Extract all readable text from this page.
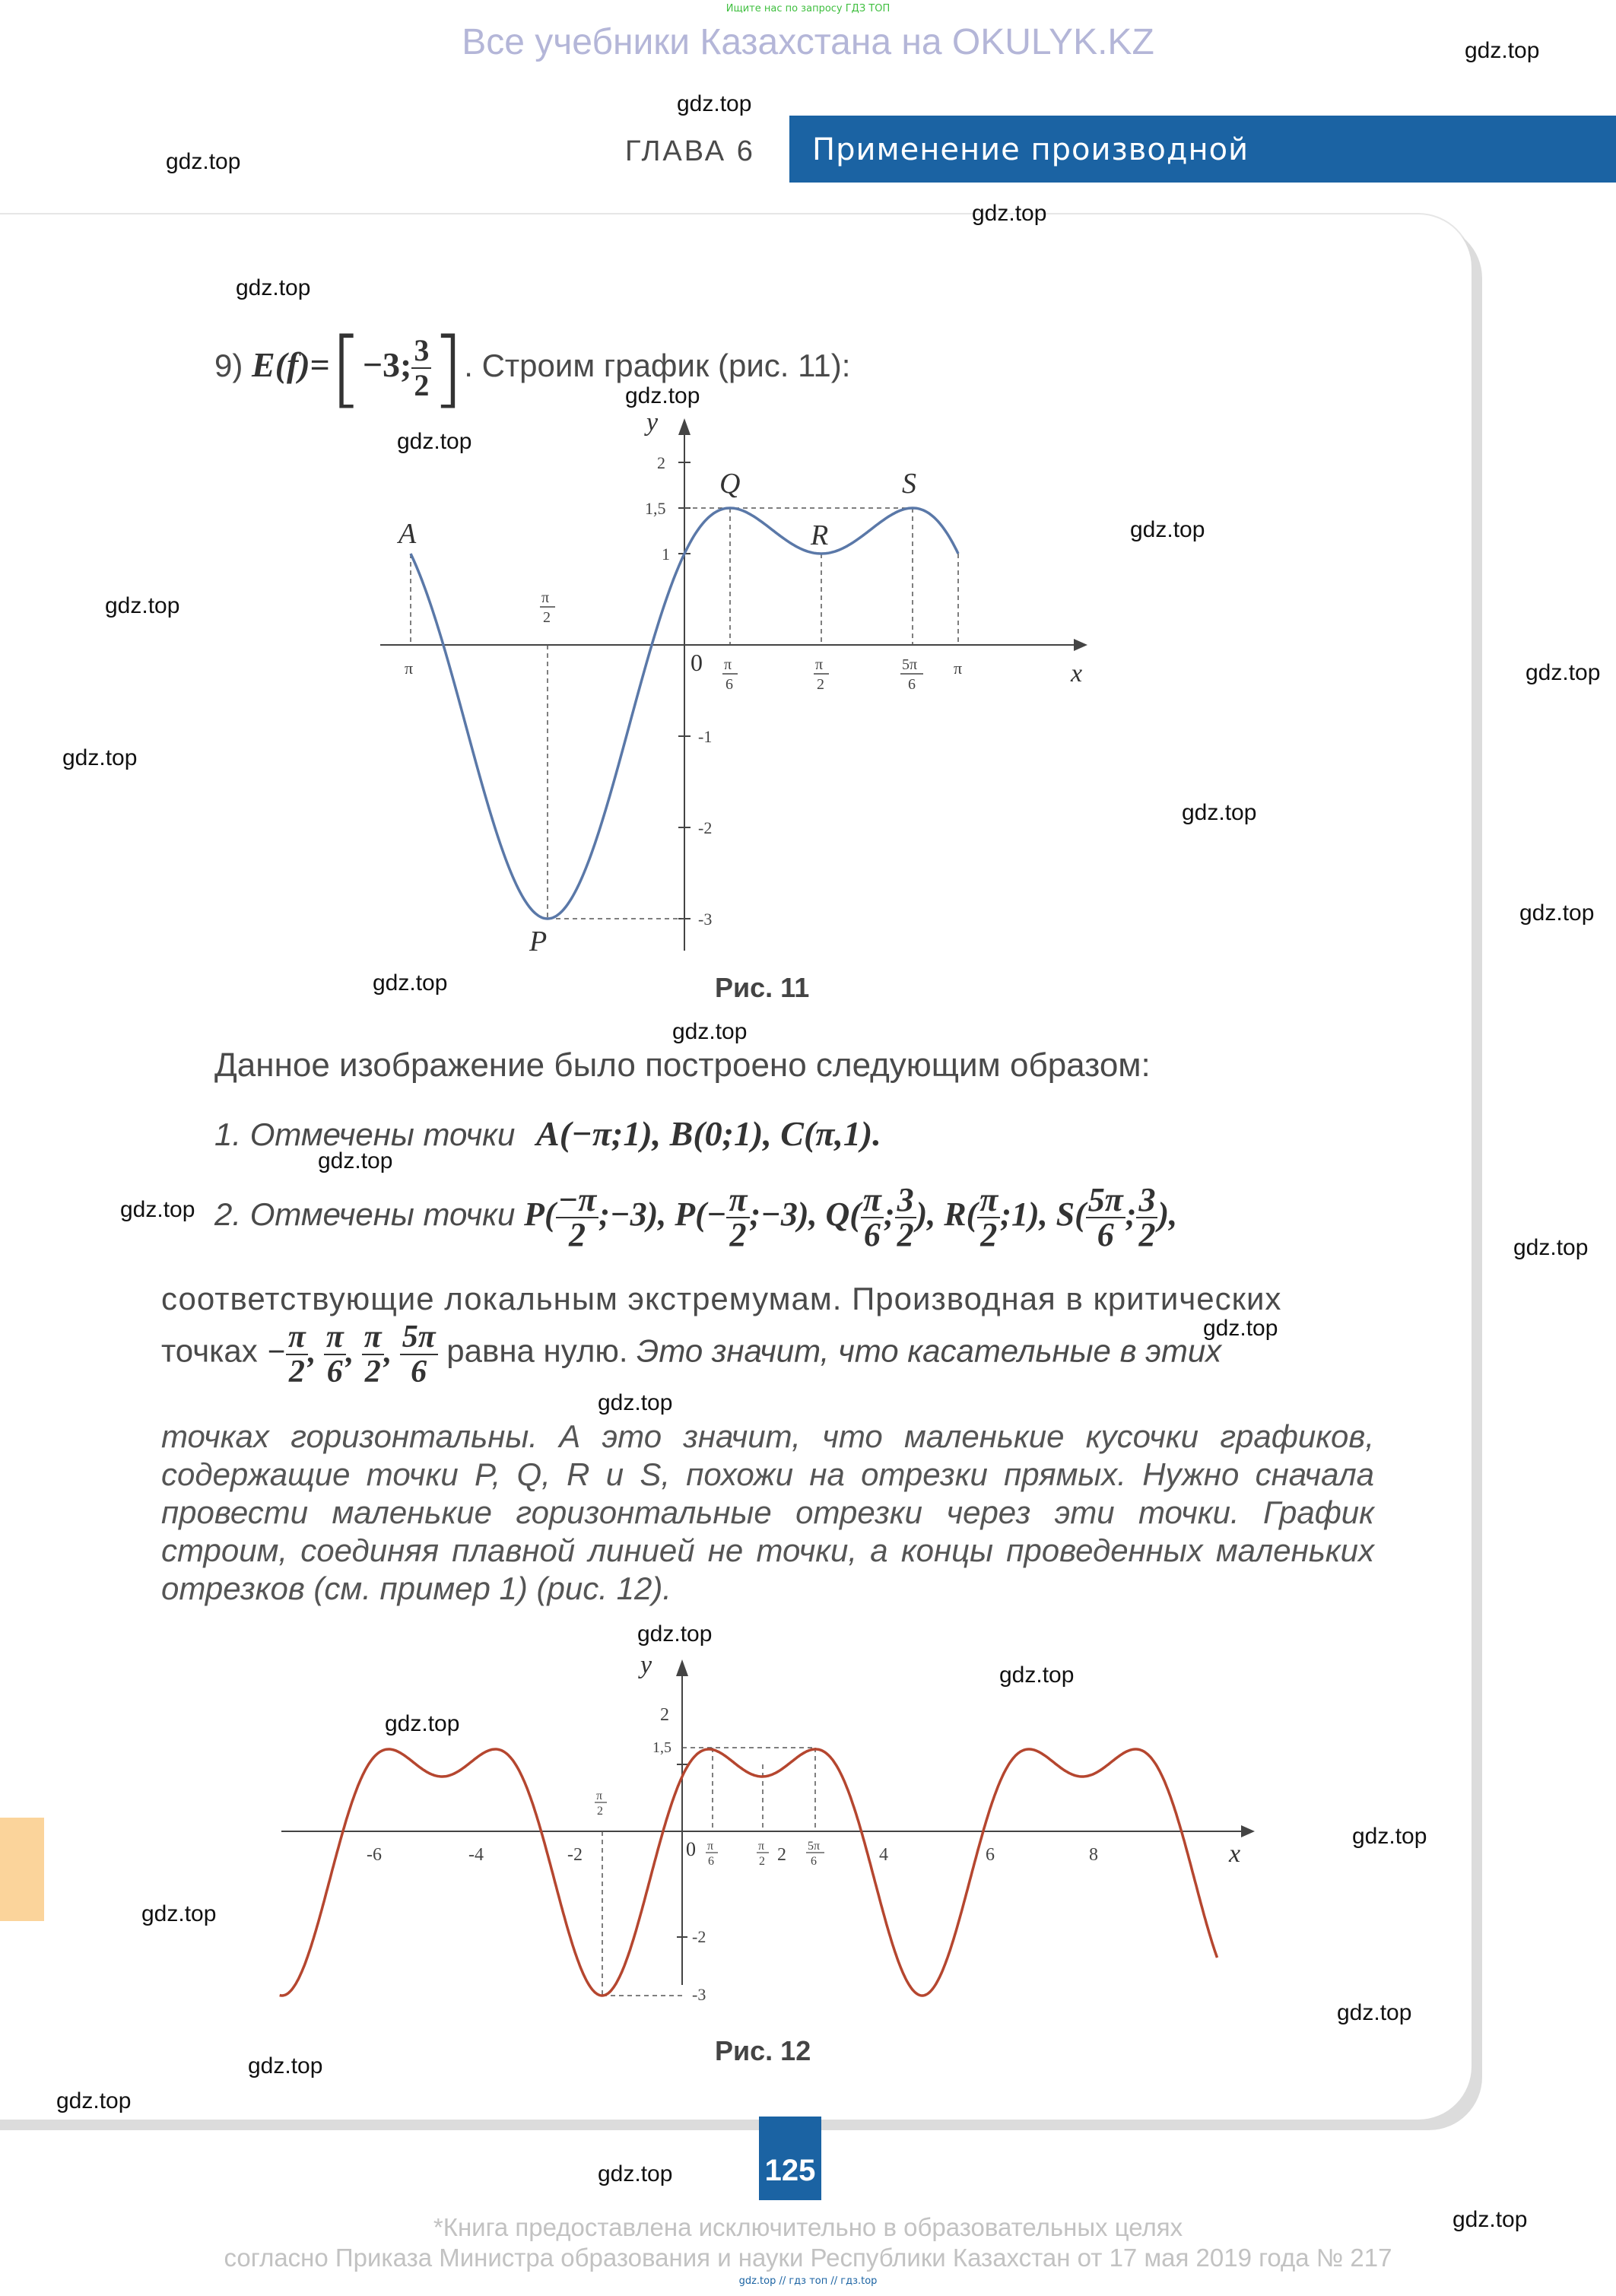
Ищите нас по запросу ГДЗ ТОП
Все учебники Казахстана на OKULYK.KZ
ГЛАВА 6 Применение производной
9) E(f)=[−3; $\frac{3}{2}$ ]. Строим график (рис. 11):
A
Q
R
S
P
y
x
0
2
1,5
1
-1
-2
-3
π	π
6
π
2
5π
6
π
π
2
Рис. 11
Данное изображение было построено следующим образом:
1. Отмечены точки A(−π;1), B(0;1), C(π,1).
2. Отмечены точки $P( \frac{-\pi}{2}$ ;−3), $P(- \frac{\pi}{2}$ ;−3), $Q( \frac{\pi}{6}$ ; $\frac{3}{2}$ ), $R( \frac{\pi}{2}$ ;1), $S( \frac{5\pi}{6}$ ; $\frac{3}{2}$ ),
соответствующие локальным экстремумам. Производная в критических
точках − $\frac{\pi}{2}$ , $\frac{\pi}{6}$ , $\frac{\pi}{2}$ , $\frac{5\pi}{6}$ равна нулю. Это значит, что касательные в этих
точках горизонтальны. А это значит, что маленькие кусочки графиков, содержащие точки P, Q, R и S, похожи на отрезки прямых. Нужно сначала провести маленькие горизонтальные отрезки через эти точки. График строим, соединяя плавной линией не точки, а концы проведенных маленьких отрезков (см. пример 1) (рис. 12).
y
x
0
2
1,5
-2
-3
-6	-4	-2	2	4	6	8
π
6
π
2
5π
6
π
2
Рис. 12
125
*Книга предоставлена исключительно в образовательных целях
согласно Приказа Министра образования и науки Республики Казахстан от 17 мая 2019 года № 217
gdz.top // гдз топ // гдз.top
gdz.top
gdz.top
gdz.top
gdz.top
gdz.top
gdz.top
gdz.top
gdz.top
gdz.top
gdz.top
gdz.top
gdz.top
gdz.top
gdz.top
gdz.top
gdz.top
gdz.top
gdz.top
gdz.top
gdz.top
gdz.top
gdz.top
gdz.top
gdz.top
gdz.top
gdz.top
gdz.top
gdz.top
gdz.top
gdz.top
